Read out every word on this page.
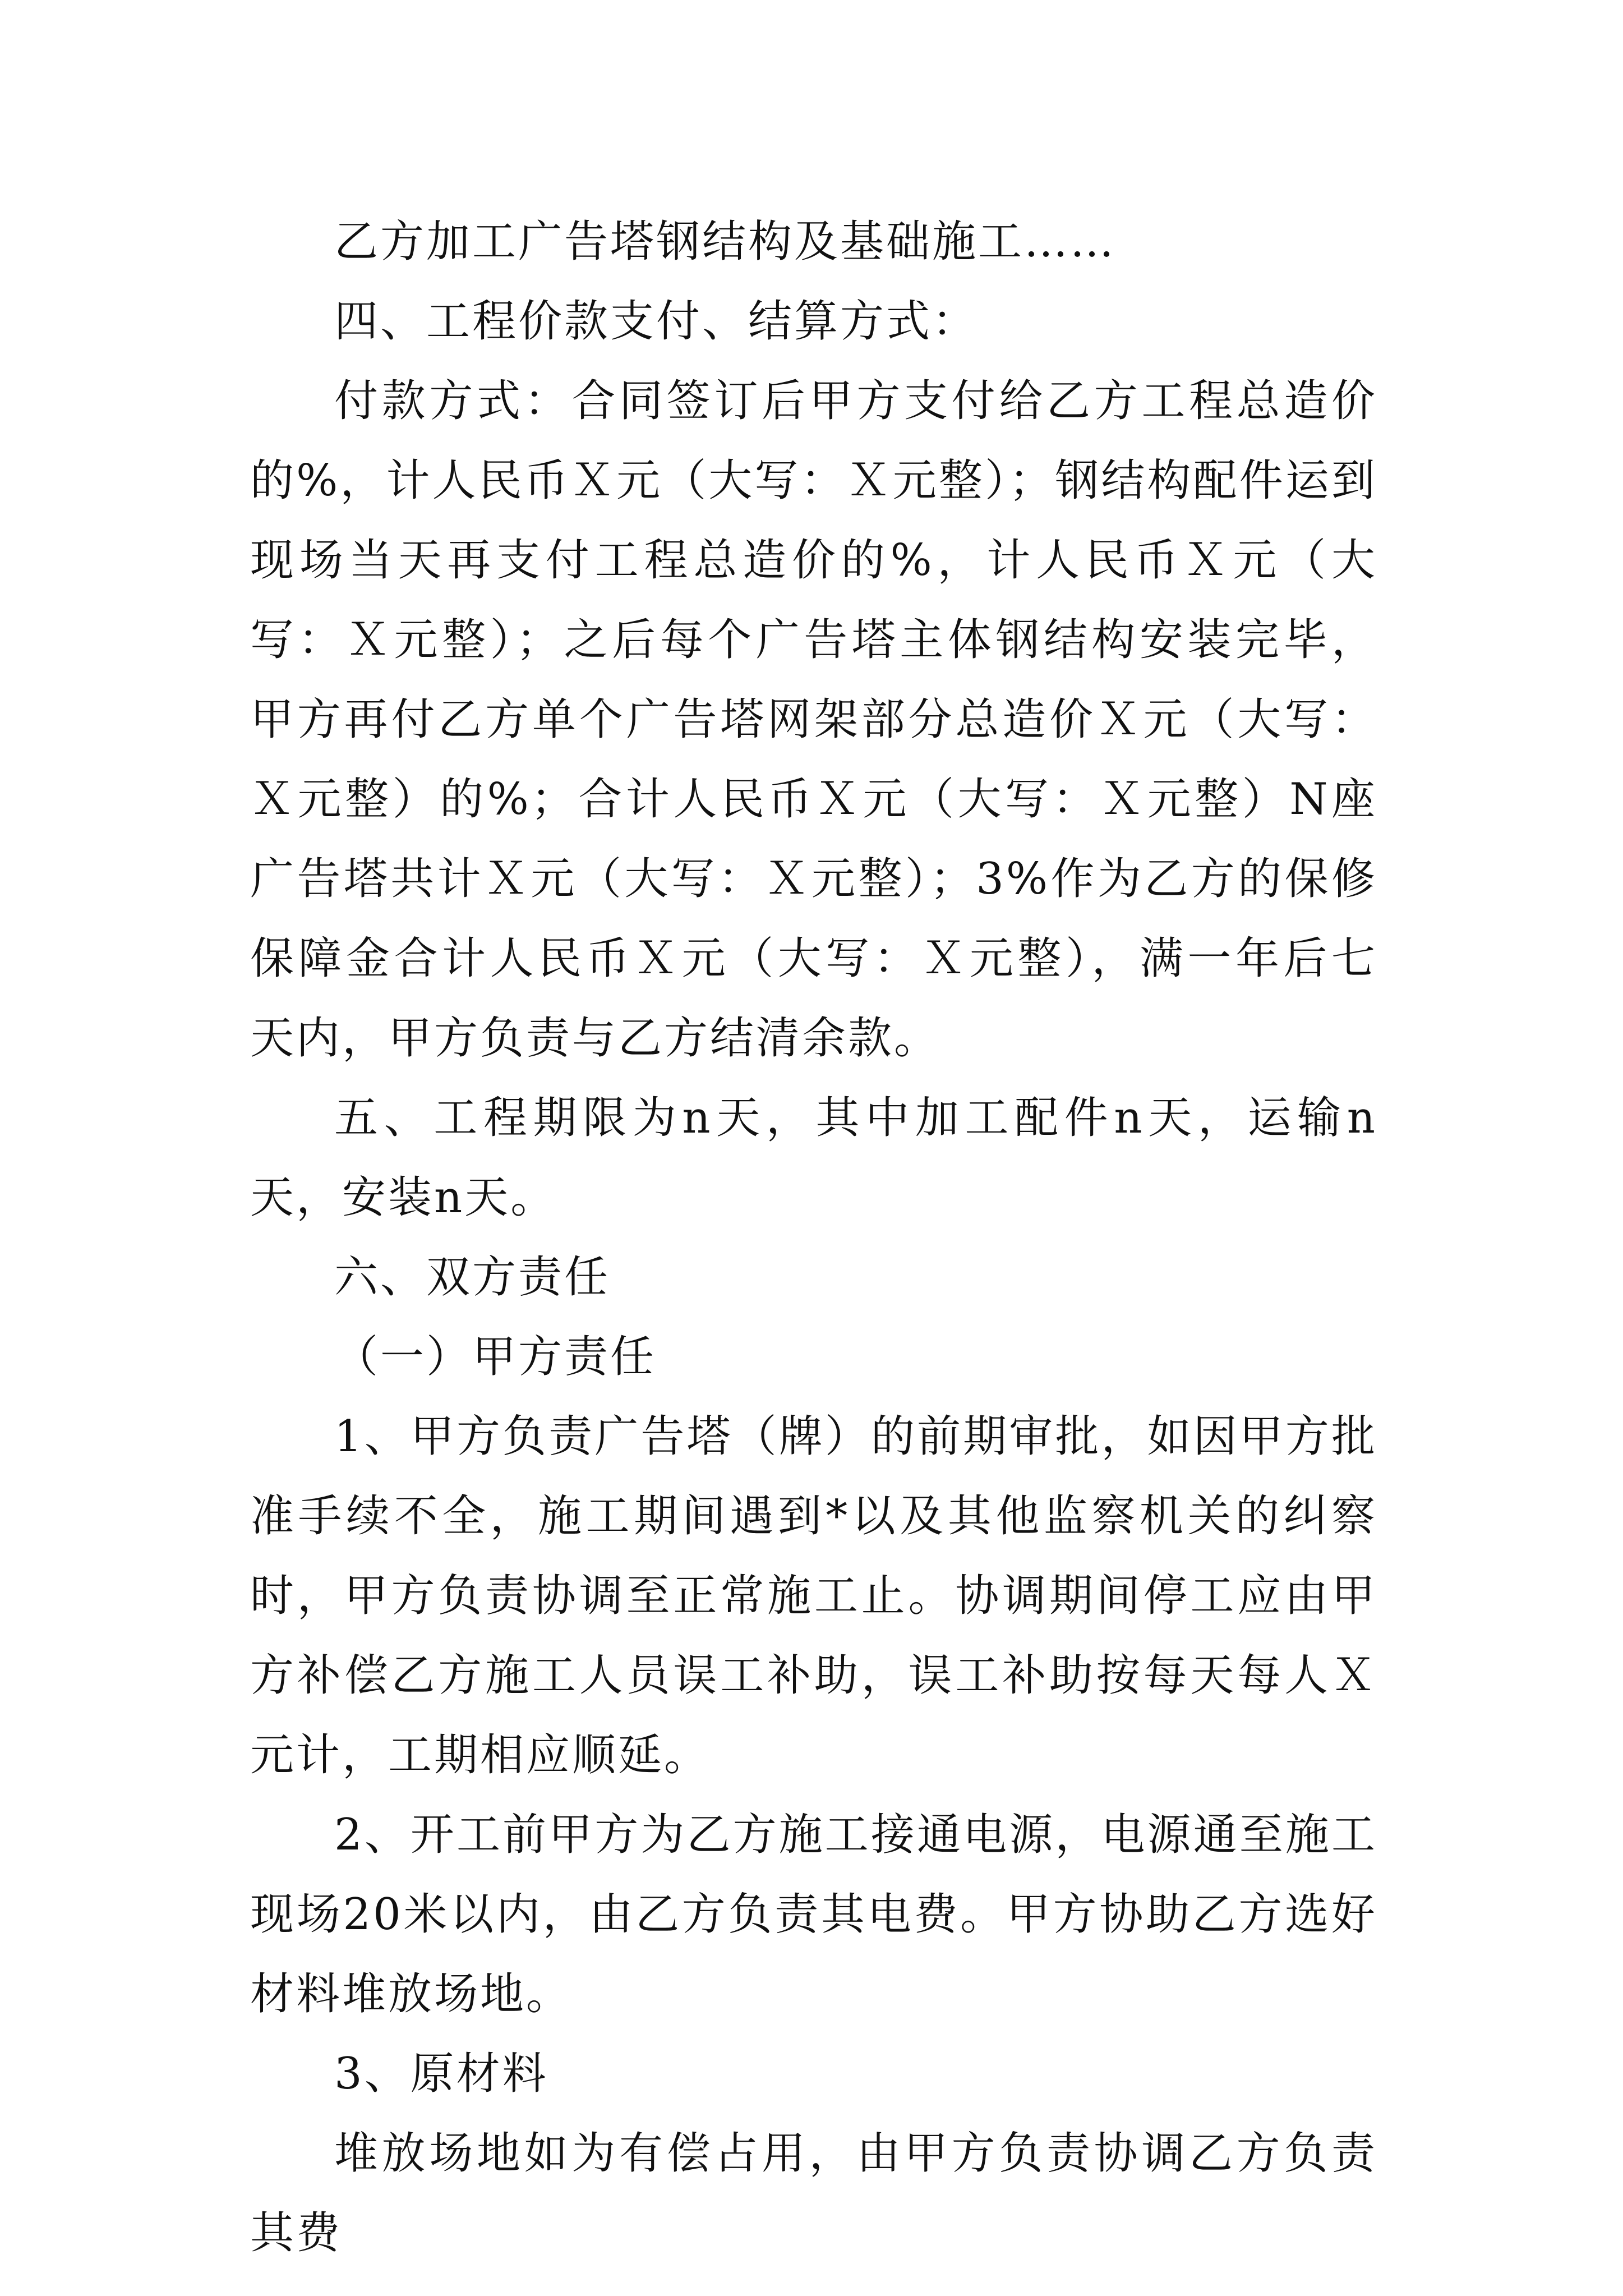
乙方加工广告塔钢结构及基础施工……

四、工程价款支付、结算方式：

付款方式：合同签订后甲方支付给乙方工程总造价的%，计人民币Ｘ元（大写：Ｘ元整）；钢结构配件运到现场当天再支付工程总造价的%，计人民币Ｘ元（大写：Ｘ元整）；之后每个广告塔主体钢结构安装完毕，甲方再付乙方单个广告塔网架部分总造价Ｘ元（大写：Ｘ元整）的%；合计人民币Ｘ元（大写：Ｘ元整）N座广告塔共计Ｘ元（大写：Ｘ元整）；3%作为乙方的保修保障金合计人民币Ｘ元（大写：Ｘ元整），满一年后七天内，甲方负责与乙方结清余款。

五、工程期限为n天，其中加工配件n天，运输n天，安装n天。

六、双方责任

（一）甲方责任

1、甲方负责广告塔（牌）的前期审批，如因甲方批准手续不全，施工期间遇到*以及其他监察机关的纠察时，甲方负责协调至正常施工止。协调期间停工应由甲方补偿乙方施工人员误工补助，误工补助按每天每人Ｘ元计，工期相应顺延。

2、开工前甲方为乙方施工接通电源，电源通至施工现场20米以内，由乙方负责其电费。甲方协助乙方选好材料堆放场地。

3、原材料

堆放场地如为有偿占用，由甲方负责协调乙方负责其费
